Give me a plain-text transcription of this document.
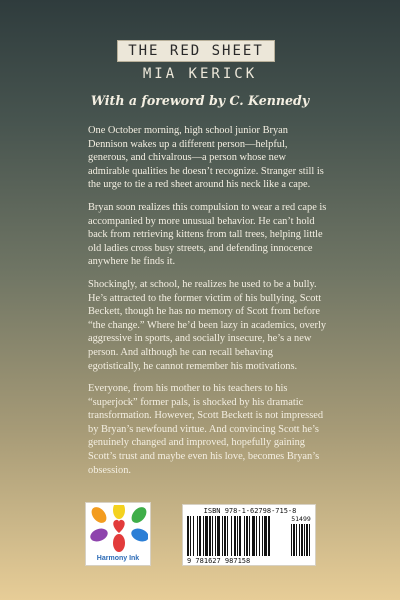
THE RED SHEET
MIA KERICK
With a foreword by C. Kennedy

One October morning, high school junior Bryan Dennison wakes up a different person—helpful, generous, and chivalrous—a person whose new admirable qualities he doesn’t recognize. Stranger still is the urge to tie a red sheet around his neck like a cape.

Bryan soon realizes this compulsion to wear a red cape is accompanied by more unusual behavior. He can’t hold back from retrieving kittens from tall trees, helping little old ladies cross busy streets, and defending innocence anywhere he finds it.

Shockingly, at school, he realizes he used to be a bully. He’s attracted to the former victim of his bullying, Scott Beckett, though he has no memory of Scott from before “the change.” Where he’d been lazy in academics, overly aggressive in sports, and socially insecure, he’s a new person. And although he can recall behaving egotistically, he cannot remember his motivations.

Everyone, from his mother to his teachers to his “superjock” former pals, is shocked by his dramatic transformation. However, Scott Beckett is not impressed by Bryan’s newfound virtue. And convincing Scott he’s genuinely changed and improved, hopefully gaining Scott’s trust and maybe even his love, becomes Bryan’s obsession.

Harmony Ink
ISBN 978-1-62798-715-8
51499
9 781627 987158
